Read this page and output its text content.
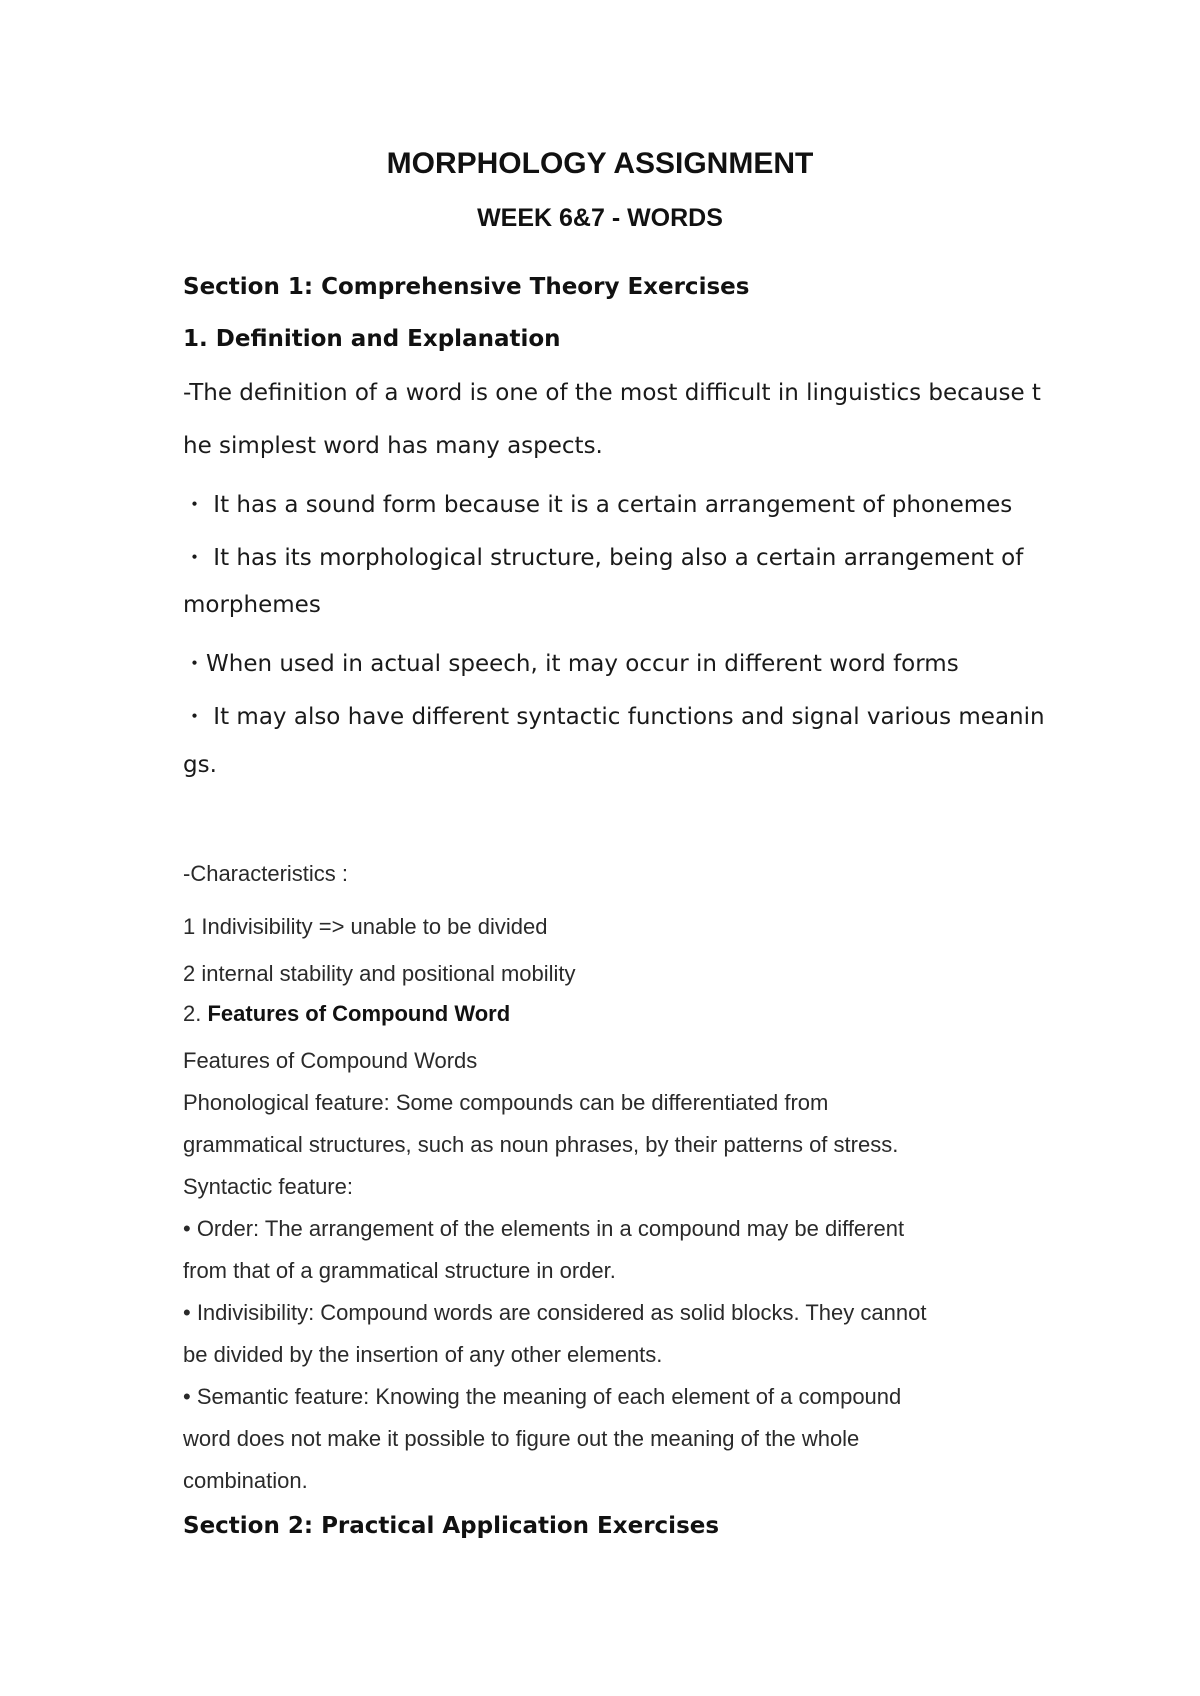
MORPHOLOGY ASSIGNMENT
WEEK 6&7 - WORDS
Section 1: Comprehensive Theory Exercises
1. Definition and Explanation
-The definition of a word is one of the most difficult in linguistics because t
he simplest word has many aspects.
・ It has a sound form because it is a certain arrangement of phonemes
・ It has its morphological structure, being also a certain arrangement of
morphemes
・When used in actual speech, it may occur in different word forms
・ It may also have different syntactic functions and signal various meanin
gs.
-Characteristics :
1 Indivisibility => unable to be divided
2 internal stability and positional mobility
2. Features of Compound Word
Features of Compound Words
Phonological feature: Some compounds can be differentiated from
grammatical structures, such as noun phrases, by their patterns of stress.
Syntactic feature:
• Order: The arrangement of the elements in a compound may be different
from that of a grammatical structure in order.
• Indivisibility: Compound words are considered as solid blocks. They cannot
be divided by the insertion of any other elements.
• Semantic feature: Knowing the meaning of each element of a compound
word does not make it possible to figure out the meaning of the whole
combination.
Section 2: Practical Application Exercises
